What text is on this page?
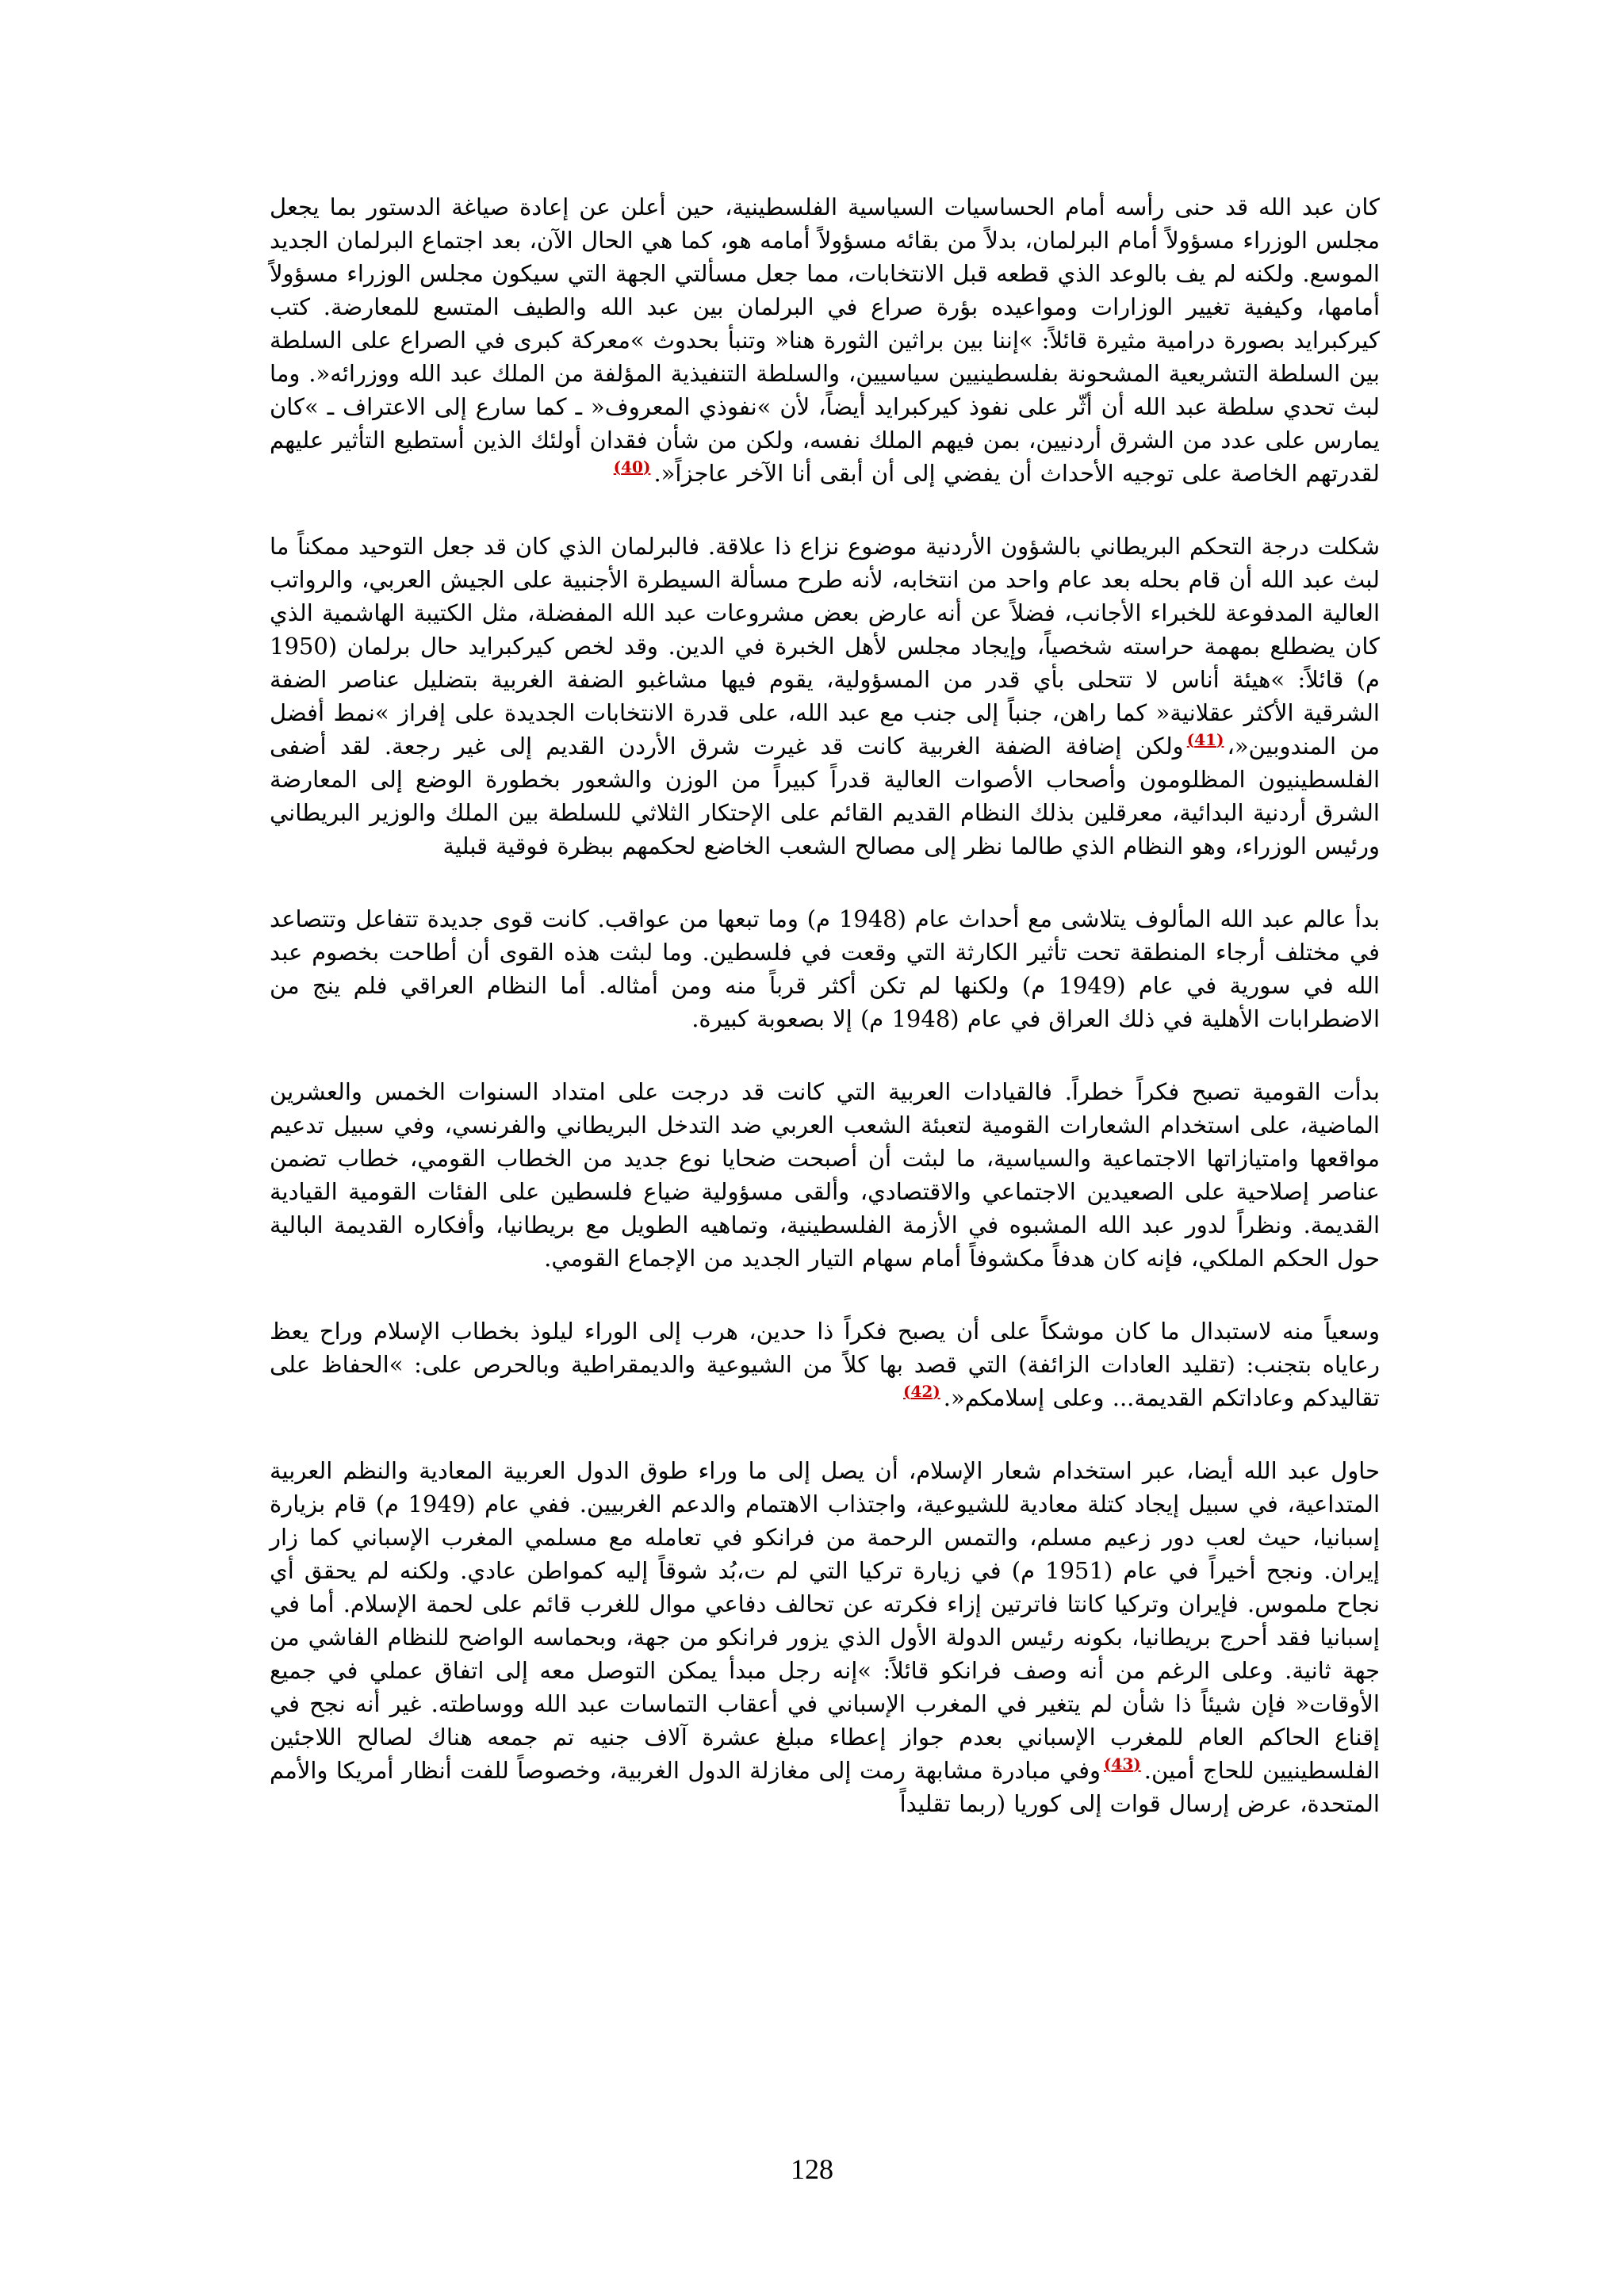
كان عبد الله قد حنى رأسه أمام الحساسيات السياسية الفلسطينية، حين أعلن عن إعادة صياغة الدستور بما يجعل مجلس الوزراء مسؤولاً أمام البرلمان، بدلاً من بقائه مسؤولاً أمامه هو، كما هي الحال الآن، بعد اجتماع البرلمان الجديد الموسع. ولكنه لم يف بالوعد الذي قطعه قبل الانتخابات، مما جعل مسألتي الجهة التي سيكون مجلس الوزراء مسؤولاً أمامها، وكيفية تغيير الوزارات ومواعيده بؤرة صراع في البرلمان بين عبد الله والطيف المتسع للمعارضة. كتب كيركبرايد بصورة درامية مثيرة قائلاً: »إننا بين براثين الثورة هنا« وتنبأ بحدوث »معركة كبرى في الصراع على السلطة بين السلطة التشريعية المشحونة بفلسطينيين سياسيين، والسلطة التنفيذية المؤلفة من الملك عبد الله ووزرائه«. وما لبث تحدي سلطة عبد الله أن أثّر على نفوذ كيركبرايد أيضاً، لأن »نفوذي المعروف« ـ كما سارع إلى الاعتراف ـ »كان يمارس على عدد من الشرق أردنيين، بمن فيهم الملك نفسه، ولكن من شأن فقدان أولئك الذين أستطيع التأثير عليهم لقدرتهم الخاصة على توجيه الأحداث أن يفضي إلى أن أبقى أنا الآخر عاجزاً«.$^{(40)}$

شكلت درجة التحكم البريطاني بالشؤون الأردنية موضوع نزاع ذا علاقة. فالبرلمان الذي كان قد جعل التوحيد ممكناً ما لبث عبد الله أن قام بحله بعد عام واحد من انتخابه، لأنه طرح مسألة السيطرة الأجنبية على الجيش العربي، والرواتب العالية المدفوعة للخبراء الأجانب، فضلاً عن أنه عارض بعض مشروعات عبد الله المفضلة، مثل الكتيبة الهاشمية الذي كان يضطلع بمهمة حراسته شخصياً، وإيجاد مجلس لأهل الخبرة في الدين. وقد لخص كيركبرايد حال برلمان (1950 م) قائلاً: »هيئة أناس لا تتحلى بأي قدر من المسؤولية، يقوم فيها مشاغبو الضفة الغربية بتضليل عناصر الضفة الشرقية الأكثر عقلانية« كما راهن، جنباً إلى جنب مع عبد الله، على قدرة الانتخابات الجديدة على إفراز »نمط أفضل من المندوبين«،$^{(41)}$ولكن إضافة الضفة الغربية كانت قد غيرت شرق الأردن القديم إلى غير رجعة. لقد أضفى الفلسطينيون المظلومون وأصحاب الأصوات العالية قدراً كبيراً من الوزن والشعور بخطورة الوضع إلى المعارضة الشرق أردنية البدائية، معرقلين بذلك النظام القديم القائم على الإحتكار الثلاثي للسلطة بين الملك والوزير البريطاني ورئيس الوزراء، وهو النظام الذي طالما نظر إلى مصالح الشعب الخاضع لحكمهم ببظرة فوقية قبلية

بدأ عالم عبد الله المألوف يتلاشى مع أحداث عام (1948 م) وما تبعها من عواقب. كانت قوى جديدة تتفاعل وتتصاعد في مختلف أرجاء المنطقة تحت تأثير الكارثة التي وقعت في فلسطين. وما لبثت هذه القوى أن أطاحت بخصوم عبد الله في سورية في عام (1949 م) ولكنها لم تكن أكثر قرباً منه ومن أمثاله. أما النظام العراقي فلم ينج من الاضطرابات الأهلية في ذلك العراق في عام (1948 م) إلا بصعوبة كبيرة.

بدأت القومية تصبح فكراً خطراً. فالقيادات العربية التي كانت قد درجت على امتداد السنوات الخمس والعشرين الماضية، على استخدام الشعارات القومية لتعبئة الشعب العربي ضد التدخل البريطاني والفرنسي، وفي سبيل تدعيم مواقعها وامتيازاتها الاجتماعية والسياسية، ما لبثت أن أصبحت ضحايا نوع جديد من الخطاب القومي، خطاب تضمن عناصر إصلاحية على الصعيدين الاجتماعي والاقتصادي، وألقى مسؤولية ضياع فلسطين على الفئات القومية القيادية القديمة. ونظراً لدور عبد الله المشبوه في الأزمة الفلسطينية، وتماهيه الطويل مع بريطانيا، وأفكاره القديمة البالية حول الحكم الملكي، فإنه كان هدفاً مكشوفاً أمام سهام التيار الجديد من الإجماع القومي.

وسعياً منه لاستبدال ما كان موشكاً على أن يصبح فكراً ذا حدين، هرب إلى الوراء ليلوذ بخطاب الإسلام وراح يعظ رعاياه بتجنب: (تقليد العادات الزائفة) التي قصد بها كلاً من الشيوعية والديمقراطية وبالحرص على: »الحفاظ على تقاليدكم وعاداتكم القديمة... وعلى إسلامكم«.$^{(42)}$

حاول عبد الله أيضا، عبر استخدام شعار الإسلام، أن يصل إلى ما وراء طوق الدول العربية المعادية والنظم العربية المتداعية، في سبيل إيجاد كتلة معادية للشيوعية، واجتذاب الاهتمام والدعم الغربيين. ففي عام (1949 م) قام بزيارة إسبانيا، حيث لعب دور زعيم مسلم، والتمس الرحمة من فرانكو في تعامله مع مسلمي المغرب الإسباني كما زار إيران. ونجح أخيراً في عام (1951 م) في زيارة تركيا التي لم ت،بُد شوقاً إليه كمواطن عادي. ولكنه لم يحقق أي نجاح ملموس. فإيران وتركيا كانتا فاترتين إزاء فكرته عن تحالف دفاعي موال للغرب قائم على لحمة الإسلام. أما في إسبانيا فقد أحرج بريطانيا، بكونه رئيس الدولة الأول الذي يزور فرانكو من جهة، وبحماسه الواضح للنظام الفاشي من جهة ثانية. وعلى الرغم من أنه وصف فرانكو قائلاً: »إنه رجل مبدأ يمكن التوصل معه إلى اتفاق عملي في جميع الأوقات« فإن شيئاً ذا شأن لم يتغير في المغرب الإسباني في أعقاب التماسات عبد الله ووساطته. غير أنه نجح في إقناع الحاكم العام للمغرب الإسباني بعدم جواز إعطاء مبلغ عشرة آلاف جنيه تم جمعه هناك لصالح اللاجئين الفلسطينيين للحاج أمين.$^{(43)}$وفي مبادرة مشابهة رمت إلى مغازلة الدول الغربية، وخصوصاً للفت أنظار أمريكا والأمم المتحدة، عرض إرسال قوات إلى كوريا (ربما تقليداً

128
